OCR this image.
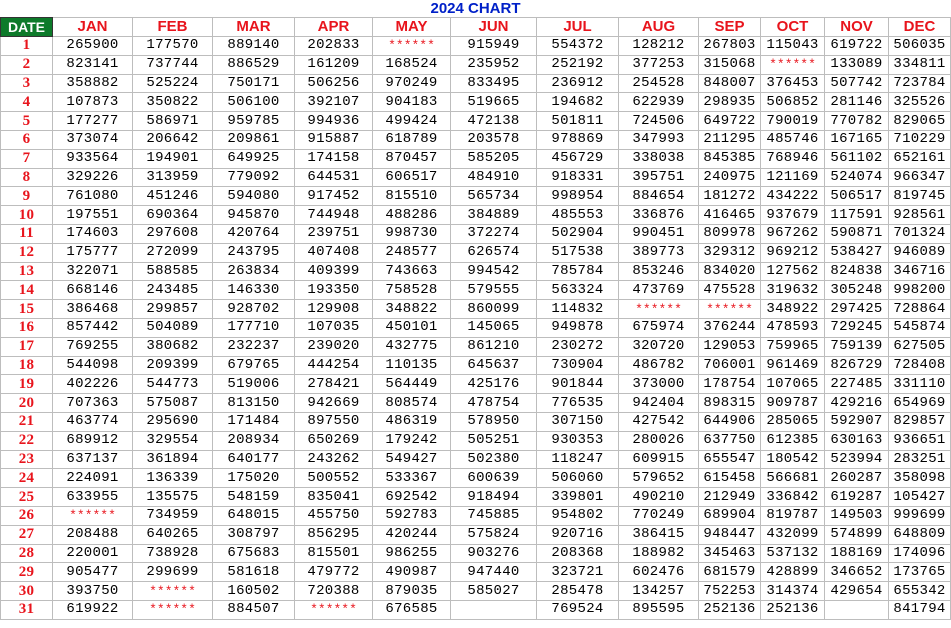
2024 CHART
DATE	JAN	FEB	MAR	APR	MAY	JUN	JUL	AUG	SEP	OCT	NOV	DEC
1	265900	177570	889140	202833	******	915949	554372	128212	267803	115043	619722	506035
2	823141	737744	886529	161209	168524	235952	252192	377253	315068	******	133089	334811
3	358882	525224	750171	506256	970249	833495	236912	254528	848007	376453	507742	723784
4	107873	350822	506100	392107	904183	519665	194682	622939	298935	506852	281146	325526
5	177277	586971	959785	994936	499424	472138	501811	724506	649722	790019	770782	829065
6	373074	206642	209861	915887	618789	203578	978869	347993	211295	485746	167165	710229
7	933564	194901	649925	174158	870457	585205	456729	338038	845385	768946	561102	652161
8	329226	313959	779092	644531	606517	484910	918331	395751	240975	121169	524074	966347
9	761080	451246	594080	917452	815510	565734	998954	884654	181272	434222	506517	819745
10	197551	690364	945870	744948	488286	384889	485553	336876	416465	937679	117591	928561
11	174603	297608	420764	239751	998730	372274	502904	990451	809978	967262	590871	701324
12	175777	272099	243795	407408	248577	626574	517538	389773	329312	969212	538427	946089
13	322071	588585	263834	409399	743663	994542	785784	853246	834020	127562	824838	346716
14	668146	243485	146330	193350	758528	579555	563324	473769	475528	319632	305248	998200
15	386468	299857	928702	129908	348822	860099	114832	******	******	348922	297425	728864
16	857442	504089	177710	107035	450101	145065	949878	675974	376244	478593	729245	545874
17	769255	380682	232237	239020	432775	861210	230272	320720	129053	759965	759139	627505
18	544098	209399	679765	444254	110135	645637	730904	486782	706001	961469	826729	728408
19	402226	544773	519006	278421	564449	425176	901844	373000	178754	107065	227485	331110
20	707363	575087	813150	942669	808574	478754	776535	942404	898315	909787	429216	654969
21	463774	295690	171484	897550	486319	578950	307150	427542	644906	285065	592907	829857
22	689912	329554	208934	650269	179242	505251	930353	280026	637750	612385	630163	936651
23	637137	361894	640177	243262	549427	502380	118247	609915	655547	180542	523994	283251
24	224091	136339	175020	500552	533367	600639	506060	579652	615458	566681	260287	358098
25	633955	135575	548159	835041	692542	918494	339801	490210	212949	336842	619287	105427
26	******	734959	648015	455750	592783	745885	954802	770249	689904	819787	149503	999699
27	208488	640265	308797	856295	420244	575824	920716	386415	948447	432099	574899	648809
28	220001	738928	675683	815501	986255	903276	208368	188982	345463	537132	188169	174096
29	905477	299699	581618	479772	490987	947440	323721	602476	681579	428899	346652	173765
30	393750	******	160502	720388	879035	585027	285478	134257	752253	314374	429654	655342
31	619922	******	884507	******	676585		769524	895595	252136	252136		841794
